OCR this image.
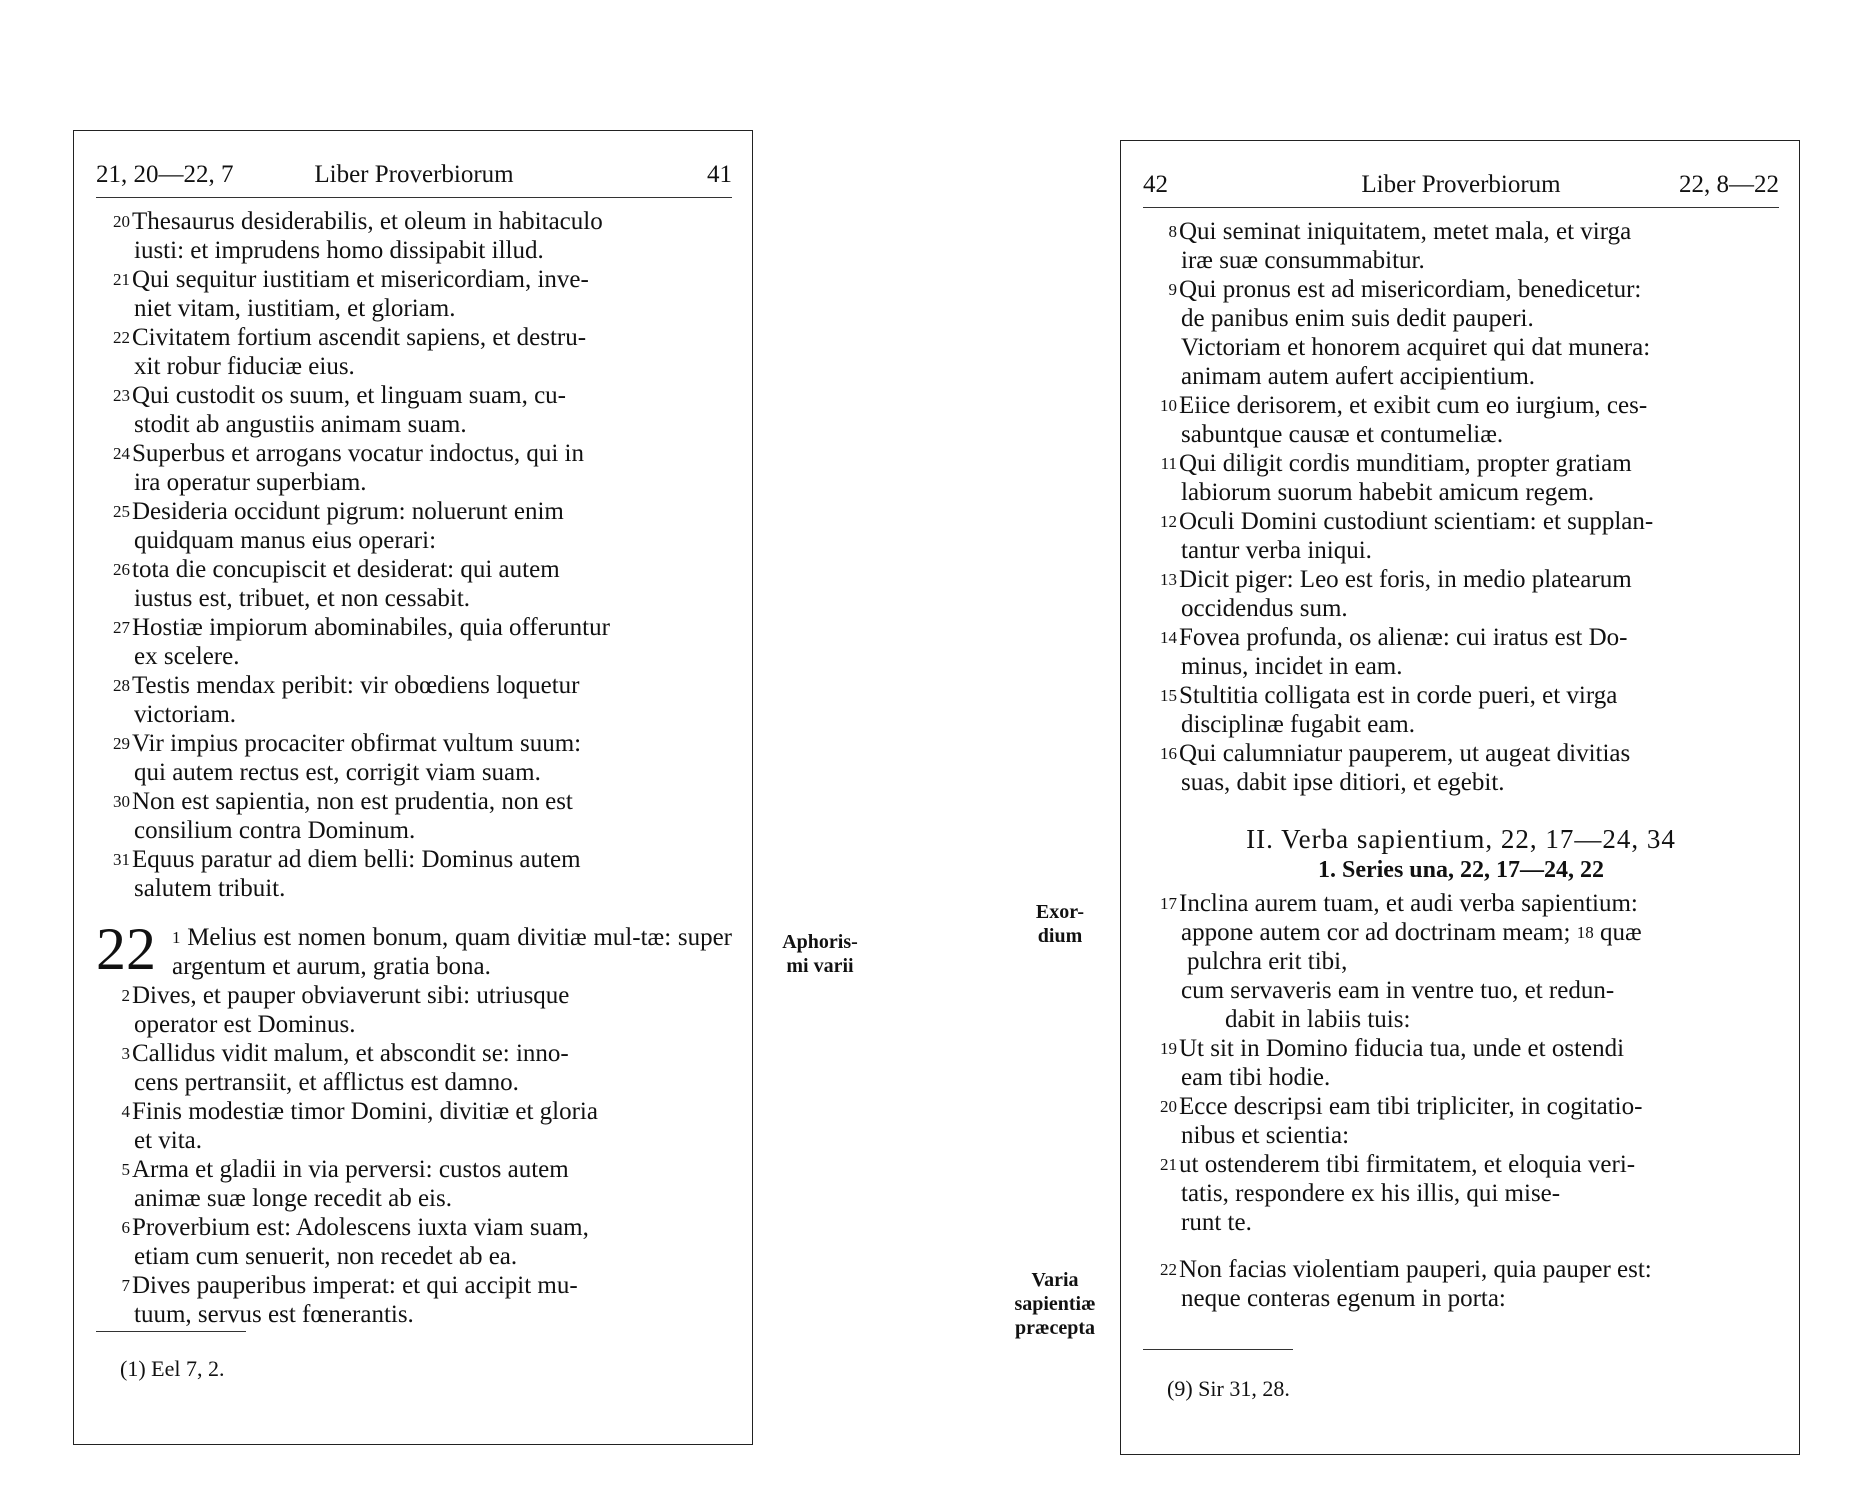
21, 20—22, 7	Liber Proverbiorum	41
20Thesaurus desiderabilis, et oleum in habitaculo
iusti: et imprudens homo dissipabit illud.
21Qui sequitur iustitiam et misericordiam, inve-
niet vitam, iustitiam, et gloriam.
22Civitatem fortium ascendit sapiens, et destru-
xit robur fiduciæ eius.
23Qui custodit os suum, et linguam suam, cu-
stodit ab angustiis animam suam.
24Superbus et arrogans vocatur indoctus, qui in
ira operatur superbiam.
25Desideria occidunt pigrum: noluerunt enim
quidquam manus eius operari:
26tota die concupiscit et desiderat: qui autem
iustus est, tribuet, et non cessabit.
27Hostiæ impiorum abominabiles, quia offeruntur
ex scelere.
28Testis mendax peribit: vir obœdiens loquetur
victoriam.
29Vir impius procaciter obfirmat vultum suum:
qui autem rectus est, corrigit viam suam.
30Non est sapientia, non est prudentia, non est
consilium contra Dominum.
31Equus paratur ad diem belli: Dominus autem
salutem tribuit.
22 $^1$ Melius est nomen bonum, quam divitiæ mul-tæ: super argentum et aurum, gratia bona.
2Dives, et pauper obviaverunt sibi: utriusque
operator est Dominus.
3Callidus vidit malum, et abscondit se: inno-
cens pertransiit, et afflictus est damno.
4Finis modestiæ timor Domini, divitiæ et gloria
et vita.
5Arma et gladii in via perversi: custos autem
animæ suæ longe recedit ab eis.
6Proverbium est: Adolescens iuxta viam suam,
etiam cum senuerit, non recedet ab ea.
7Dives pauperibus imperat: et qui accipit mu-
tuum, servus est fœnerantis.
(1) Eel 7, 2.
Aphoris-
mi varii
Exor-
dium
Varia
sapientiæ
præcepta
42	Liber Proverbiorum	22, 8—22
8Qui seminat iniquitatem, metet mala, et virga
iræ suæ consummabitur.
9Qui pronus est ad misericordiam, benedicetur:
de panibus enim suis dedit pauperi.
Victoriam et honorem acquiret qui dat munera:
animam autem aufert accipientium.
10Eiice derisorem, et exibit cum eo iurgium, ces-
sabuntque causæ et contumeliæ.
11Qui diligit cordis munditiam, propter gratiam
labiorum suorum habebit amicum regem.
12Oculi Domini custodiunt scientiam: et supplan-
tantur verba iniqui.
13Dicit piger: Leo est foris, in medio platearum
occidendus sum.
14Fovea profunda, os alienæ: cui iratus est Do-
minus, incidet in eam.
15Stultitia colligata est in corde pueri, et virga
disciplinæ fugabit eam.
16Qui calumniatur pauperem, ut augeat divitias
suas, dabit ipse ditiori, et egebit.
II. Verba sapientium, 22, 17—24, 34
1. Series una, 22, 17—24, 22
17Inclina aurem tuam, et audi verba sapientium:
appone autem cor ad doctrinam meam; $^{18}$ quæ
pulchra erit tibi,
cum servaveris eam in ventre tuo, et redun-
dabit in labiis tuis:
19Ut sit in Domino fiducia tua, unde et ostendi
eam tibi hodie.
20Ecce descripsi eam tibi tripliciter, in cogitatio-
nibus et scientia:
21ut ostenderem tibi firmitatem, et eloquia veri-
tatis, respondere ex his illis, qui mise-
runt te.
22Non facias violentiam pauperi, quia pauper est:
neque conteras egenum in porta:
(9) Sir 31, 28.
